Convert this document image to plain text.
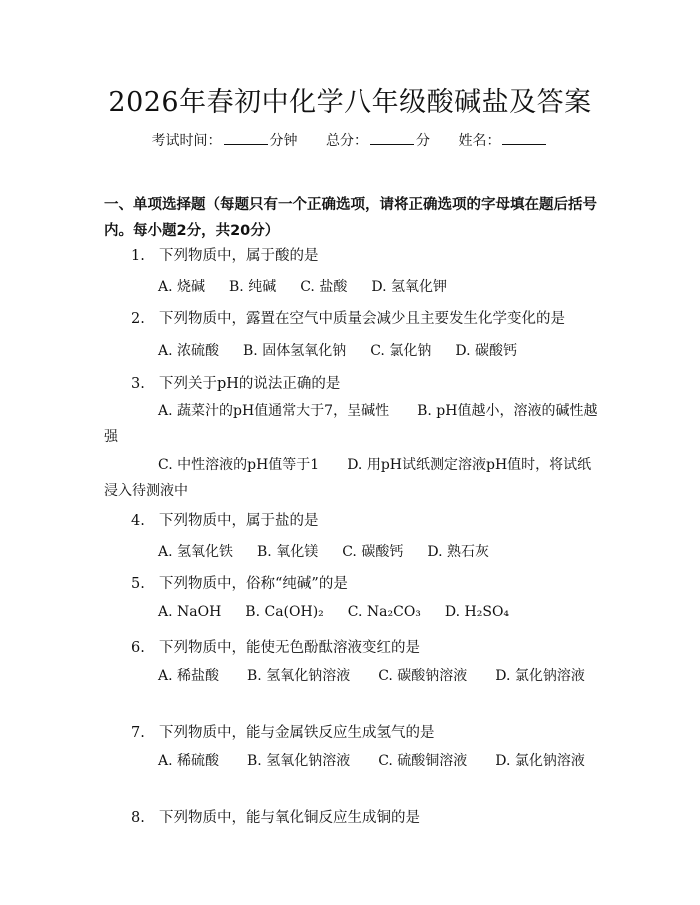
2026年春初中化学八年级酸碱盐及答案
考试时间：	分钟 总分：	分 姓名：
一、单项选择题（每题只有一个正确选项，请将正确选项的字母填在题后括号内。每小题2分，共20分）
1. 下列物质中，属于酸的是
A. 烧碱 B. 纯碱 C. 盐酸 D. 氢氧化钾
2. 下列物质中，露置在空气中质量会减少且主要发生化学变化的是
A. 浓硫酸 B. 固体氢氧化钠 C. 氯化钠 D. 碳酸钙
3. 下列关于pH的说法正确的是
A. 蔬菜汁的pH值通常大于7，呈碱性　　B. pH值越小，溶液的碱性越强
C. 中性溶液的pH值等于1　　D. 用pH试纸测定溶液pH值时，将试纸浸入待测液中
4. 下列物质中，属于盐的是
A. 氢氧化铁 B. 氧化镁 C. 碳酸钙 D. 熟石灰
5. 下列物质中，俗称“纯碱”的是
A. NaOH B. Ca(OH)₂ C. Na₂CO₃ D. H₂SO₄
6. 下列物质中，能使无色酚酞溶液变红的是
A. 稀盐酸　　B. 氢氧化钠溶液　　C. 碳酸钠溶液　　D. 氯化钠溶液
7. 下列物质中，能与金属铁反应生成氢气的是
A. 稀硫酸　　B. 氢氧化钠溶液　　C. 硫酸铜溶液　　D. 氯化钠溶液
8. 下列物质中，能与氧化铜反应生成铜的是
